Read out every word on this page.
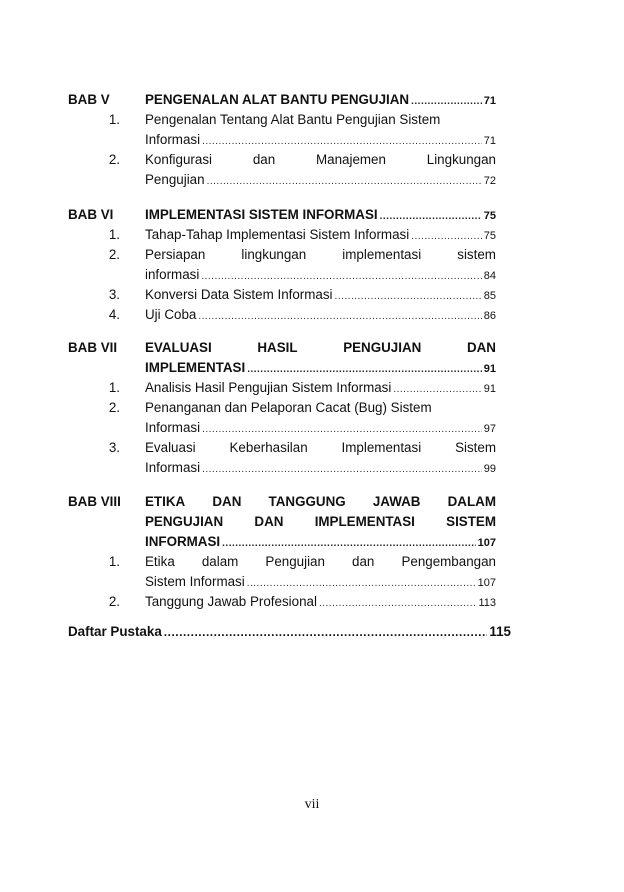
BAB V	PENGENALAN ALAT BANTU PENGUJIAN .....	71
1. Pengenalan Tentang Alat Bantu Pengujian Sistem
Informasi .....	71
2. Konfigurasi	dan	Manajemen	Lingkungan
Pengujian .....	72
BAB VI IMPLEMENTASI SISTEM INFORMASI .....	75
1. Tahap-Tahap Implementasi Sistem Informasi .....	75
2. Persiapan	lingkungan	implementasi	sistem
informasi .....	84
3. Konversi Data Sistem Informasi .....	85
4. Uji Coba .....	86
BAB VII EVALUASI	HASIL	PENGUJIAN	DAN
IMPLEMENTASI .....	91
1. Analisis Hasil Pengujian Sistem Informasi .....	91
2. Penanganan dan Pelaporan Cacat (Bug) Sistem
Informasi .....	97
3. Evaluasi	Keberhasilan	Implementasi	Sistem
Informasi .....	99
BAB VIII ETIKA DAN TANGGUNG JAWAB DALAM
PENGUJIAN DAN IMPLEMENTASI SISTEM
INFORMASI .....	107
1. Etika dalam Pengujian dan Pengembangan
Sistem Informasi .....	107
2. Tanggung Jawab Profesional .....	113
Daftar Pustaka .....	115
vii
